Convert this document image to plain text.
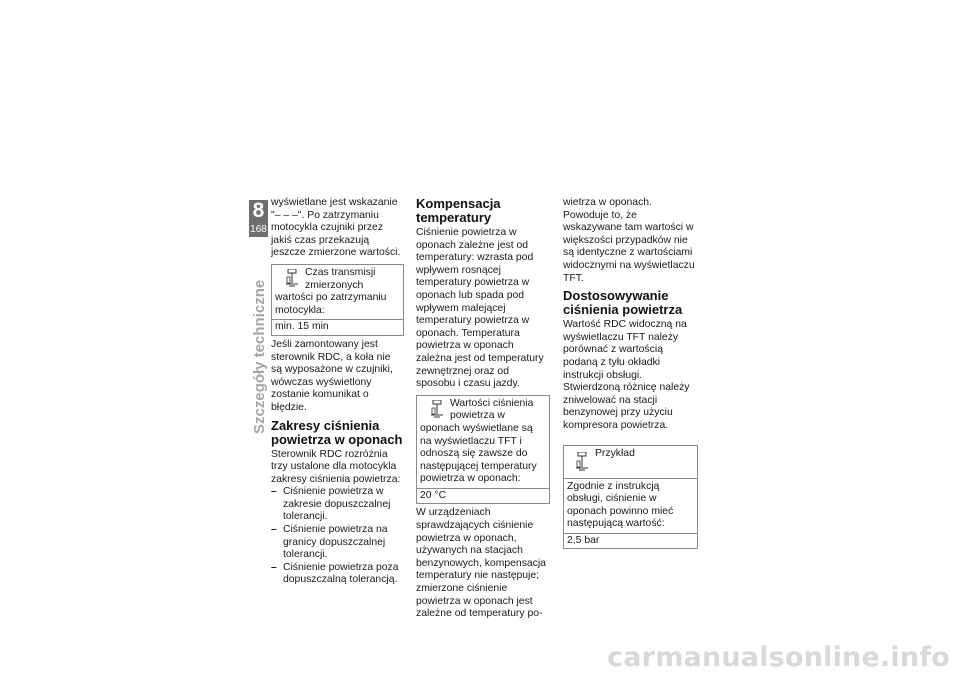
8
168
Szczegóły techniczne

wyświetlane jest wskazanie "– – –". Po zatrzymaniu motocykla czujniki przez jakiś czas przekazują jeszcze zmierzone wartości.

Czas transmisji zmierzonych wartości po zatrzymaniu motocykla:
min. 15 min

Jeśli zamontowany jest sterownik RDC, a koła nie są wyposażone w czujniki, wówczas wyświetlony zostanie komunikat o błędzie.

Zakresy ciśnienia powietrza w oponach

Sterownik RDC rozróżnia trzy ustalone dla motocykla zakresy ciśnienia powietrza:

– Ciśnienie powietrza w zakresie dopuszczalnej tolerancji.
– Ciśnienie powietrza na granicy dopuszczalnej tolerancji.
– Ciśnienie powietrza poza dopuszczalną tolerancją.
Kompensacja temperatury

Ciśnienie powietrza w oponach zależne jest od temperatury: wzrasta pod wpływem rosnącej temperatury powietrza w oponach lub spada pod wpływem malejącej temperatury powietrza w oponach. Temperatura powietrza w oponach zależna jest od temperatury zewnętrznej oraz od sposobu i czasu jazdy.

Wartości ciśnienia powietrza w oponach wyświetlane są na wyświetlaczu TFT i odnoszą się zawsze do następującej temperatury powietrza w oponach:
20 °C

W urządzeniach sprawdzających ciśnienie powietrza w oponach, używanych na stacjach benzynowych, kompensacja temperatury nie następuje; zmierzone ciśnienie powietrza w oponach jest zależne od temperatury po-

wietrza w oponach. Powoduje to, że wskazywane tam wartości w większości przypadków nie są identyczne z wartościami widocznymi na wyświetlaczu TFT.

Dostosowywanie ciśnienia powietrza

Wartość RDC widoczną na wyświetlaczu TFT należy porównać z wartością podaną z tyłu okładki instrukcji obsługi. Stwierdzoną różnicę należy zniwelować na stacji benzynowej przy użyciu kompresora powietrza.

Przykład
Zgodnie z instrukcją obsługi, ciśnienie w oponach powinno mieć następującą wartość:
2,5 bar
carmanualsonline.info
